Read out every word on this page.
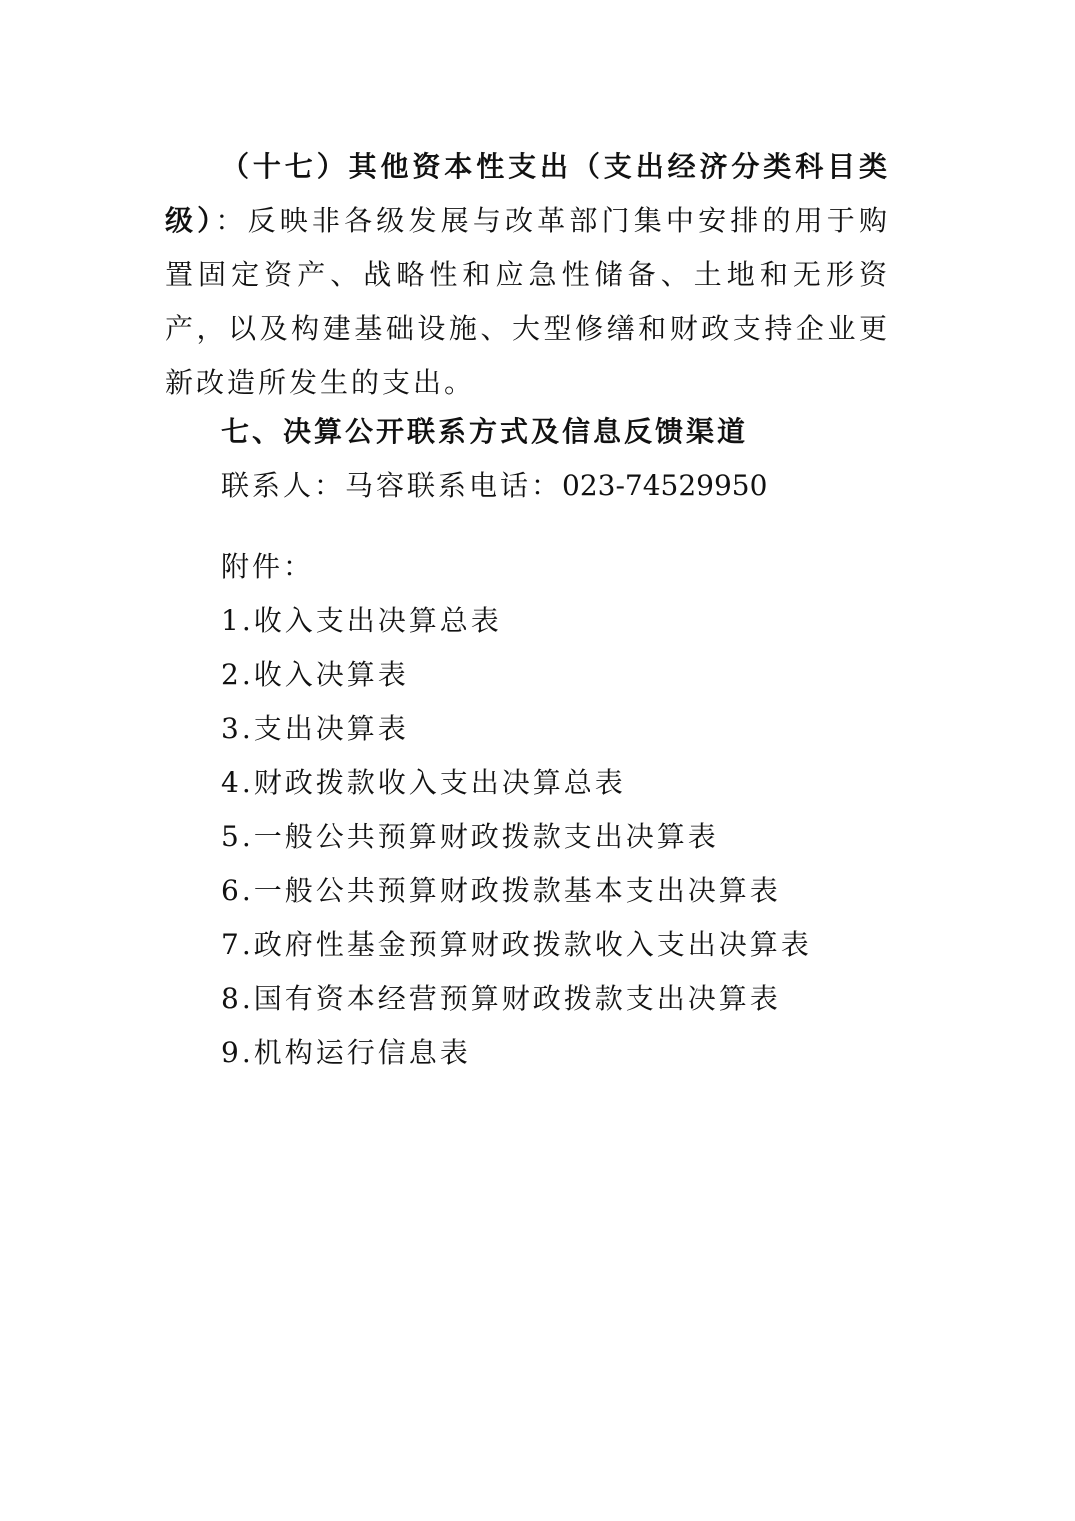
（十七）其他资本性支出（支出经济分类科目类级）：反映非各级发展与改革部门集中安排的用于购置固定资产、战略性和应急性储备、土地和无形资产，以及构建基础设施、大型修缮和财政支持企业更新改造所发生的支出。

七、决算公开联系方式及信息反馈渠道

联系人：马容联系电话：023-74529950

附件：

1.收入支出决算总表
2.收入决算表
3.支出决算表
4.财政拨款收入支出决算总表
5.一般公共预算财政拨款支出决算表
6.一般公共预算财政拨款基本支出决算表
7.政府性基金预算财政拨款收入支出决算表
8.国有资本经营预算财政拨款支出决算表
9.机构运行信息表
